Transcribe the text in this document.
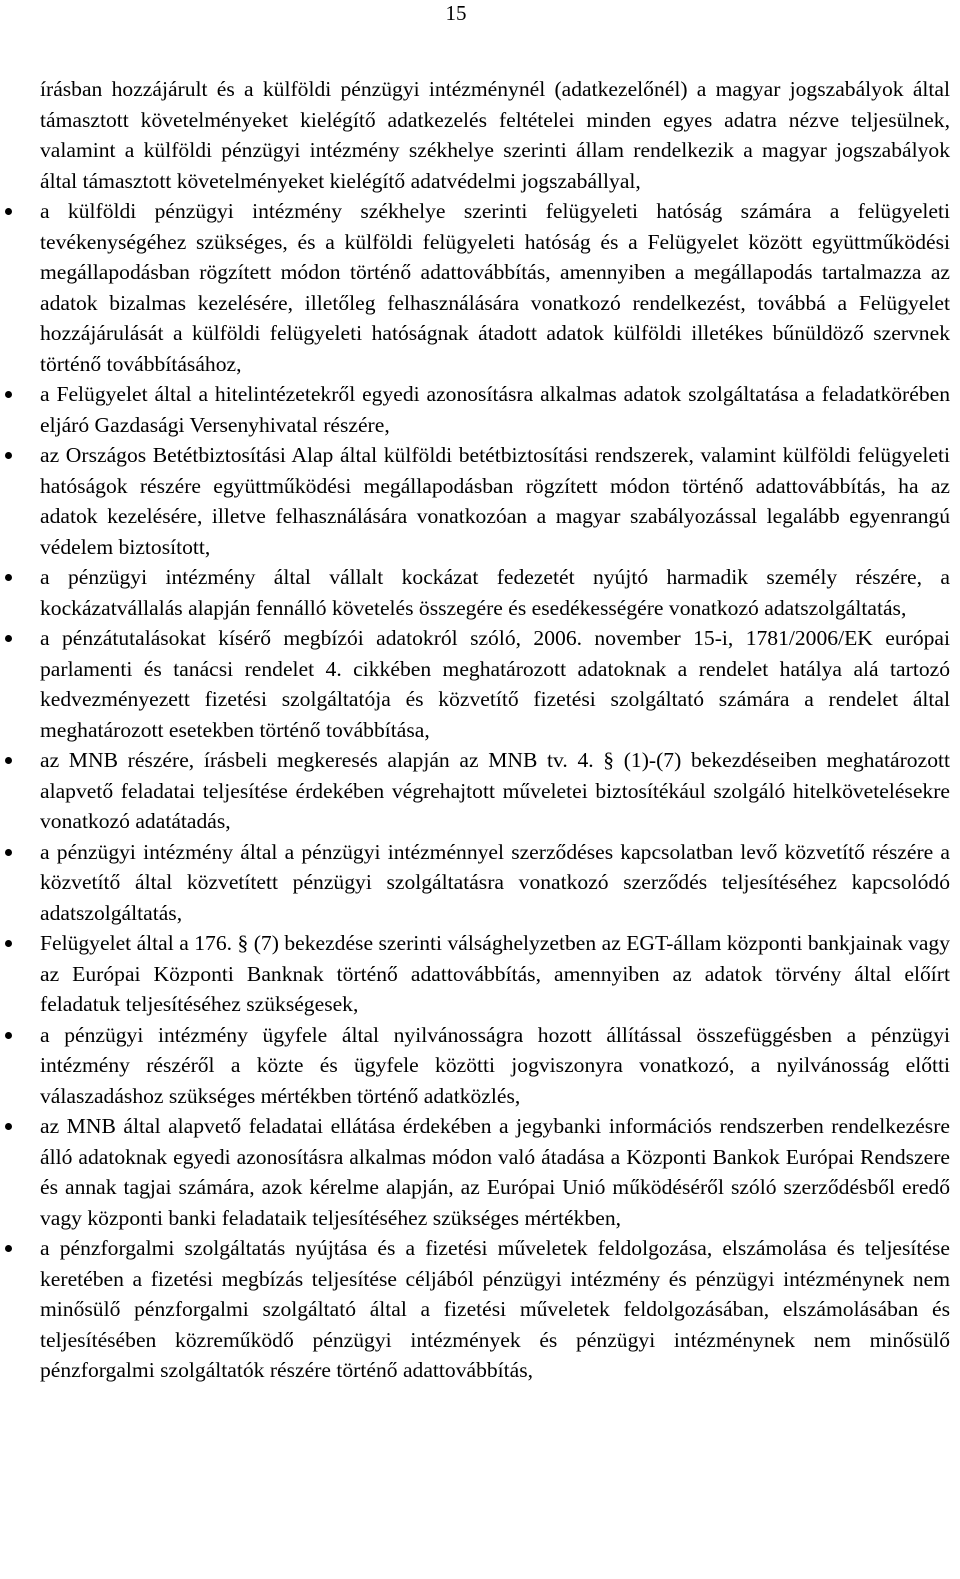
15

írásban hozzájárult és a külföldi pénzügyi intézménynél (adatkezelőnél) a magyar jogszabályok által támasztott követelményeket kielégítő adatkezelés feltételei minden egyes adatra nézve teljesülnek, valamint a külföldi pénzügyi intézmény székhelye szerinti állam rendelkezik a magyar jogszabályok által támasztott követelményeket kielégítő adatvédelmi jogszabállyal,

a külföldi pénzügyi intézmény székhelye szerinti felügyeleti hatóság számára a felügyeleti tevékenységéhez szükséges, és a külföldi felügyeleti hatóság és a Felügyelet között együttműködési megállapodásban rögzített módon történő adattovábbítás, amennyiben a megállapodás tartalmazza az adatok bizalmas kezelésére, illetőleg felhasználására vonatkozó rendelkezést, továbbá a Felügyelet hozzájárulását a külföldi felügyeleti hatóságnak átadott adatok külföldi illetékes bűnüldöző szervnek történő továbbításához,
a Felügyelet által a hitelintézetekről egyedi azonosításra alkalmas adatok szolgáltatása a feladatkörében eljáró Gazdasági Versenyhivatal részére,
az Országos Betétbiztosítási Alap által külföldi betétbiztosítási rendszerek, valamint külföldi felügyeleti hatóságok részére együttműködési megállapodásban rögzített módon történő adattovábbítás, ha az adatok kezelésére, illetve felhasználására vonatkozóan a magyar szabályozással legalább egyenrangú védelem biztosított,
a pénzügyi intézmény által vállalt kockázat fedezetét nyújtó harmadik személy részére, a kockázatvállalás alapján fennálló követelés összegére és esedékességére vonatkozó adatszolgáltatás,
a pénzátutalásokat kísérő megbízói adatokról szóló, 2006. november 15-i, 1781/2006/EK európai parlamenti és tanácsi rendelet 4. cikkében meghatározott adatoknak a rendelet hatálya alá tartozó kedvezményezett fizetési szolgáltatója és közvetítő fizetési szolgáltató számára a rendelet által meghatározott esetekben történő továbbítása,
az MNB részére, írásbeli megkeresés alapján az MNB tv. 4. § (1)-(7) bekezdéseiben meghatározott alapvető feladatai teljesítése érdekében végrehajtott műveletei biztosítékául szolgáló hitelkövetelésekre vonatkozó adatátadás,
a pénzügyi intézmény által a pénzügyi intézménnyel szerződéses kapcsolatban levő közvetítő részére a közvetítő által közvetített pénzügyi szolgáltatásra vonatkozó szerződés teljesítéséhez kapcsolódó adatszolgáltatás,
Felügyelet által a 176. § (7) bekezdése szerinti válsághelyzetben az EGT-állam központi bankjainak vagy az Európai Központi Banknak történő adattovábbítás, amennyiben az adatok törvény által előírt feladatuk teljesítéséhez szükségesek,
a pénzügyi intézmény ügyfele által nyilvánosságra hozott állítással összefüggésben a pénzügyi intézmény részéről a közte és ügyfele közötti jogviszonyra vonatkozó, a nyilvánosság előtti válaszadáshoz szükséges mértékben történő adatközlés,
az MNB által alapvető feladatai ellátása érdekében a jegybanki információs rendszerben rendelkezésre álló adatoknak egyedi azonosításra alkalmas módon való átadása a Központi Bankok Európai Rendszere és annak tagjai számára, azok kérelme alapján, az Európai Unió működéséről szóló szerződésből eredő vagy központi banki feladataik teljesítéséhez szükséges mértékben,
a pénzforgalmi szolgáltatás nyújtása és a fizetési műveletek feldolgozása, elszámolása és teljesítése keretében a fizetési megbízás teljesítése céljából pénzügyi intézmény és pénzügyi intézménynek nem minősülő pénzforgalmi szolgáltató által a fizetési műveletek feldolgozásában, elszámolásában és teljesítésében közreműködő pénzügyi intézmények és pénzügyi intézménynek nem minősülő pénzforgalmi szolgáltatók részére történő adattovábbítás,
